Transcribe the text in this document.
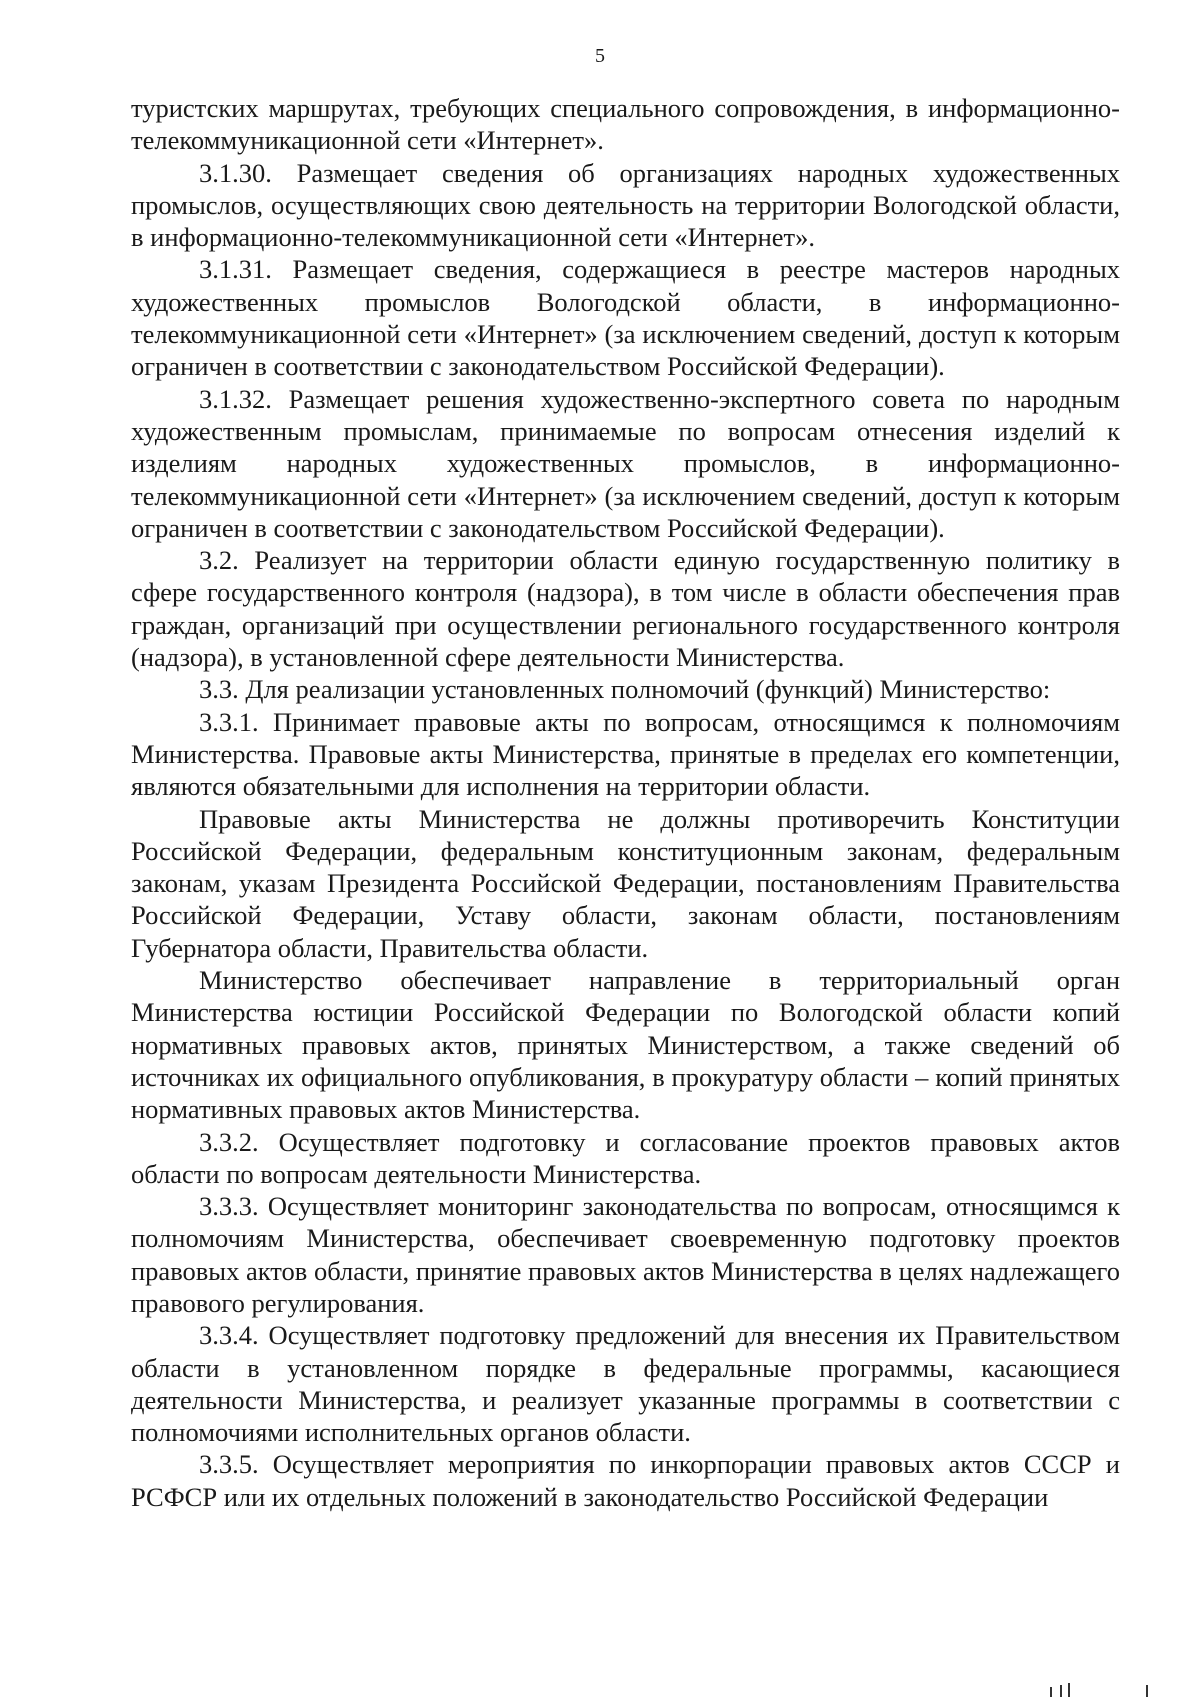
5

туристских маршрутах, требующих специального сопровождения, в информационно-телекоммуникационной сети «Интернет».

3.1.30. Размещает сведения об организациях народных художественных промыслов, осуществляющих свою деятельность на территории Вологодской области, в информационно-телекоммуникационной сети «Интернет».

3.1.31. Размещает сведения, содержащиеся в реестре мастеров народных художественных промыслов Вологодской области, в информационно-телекоммуникационной сети «Интернет» (за исключением сведений, доступ к которым ограничен в соответствии с законодательством Российской Федерации).

3.1.32. Размещает решения художественно-экспертного совета по народным художественным промыслам, принимаемые по вопросам отнесения изделий к изделиям народных художественных промыслов, в информационно-телекоммуникационной сети «Интернет» (за исключением сведений, доступ к которым ограничен в соответствии с законодательством Российской Федерации).

3.2. Реализует на территории области единую государственную политику в сфере государственного контроля (надзора), в том числе в области обеспечения прав граждан, организаций при осуществлении регионального государственного контроля (надзора), в установленной сфере деятельности Министерства.

3.3. Для реализации установленных полномочий (функций) Министерство:

3.3.1. Принимает правовые акты по вопросам, относящимся к полномочиям Министерства. Правовые акты Министерства, принятые в пределах его компетенции, являются обязательными для исполнения на территории области.

Правовые акты Министерства не должны противоречить Конституции Российской Федерации, федеральным конституционным законам, федеральным законам, указам Президента Российской Федерации, постановлениям Правительства Российской Федерации, Уставу области, законам области, постановлениям Губернатора области, Правительства области.

Министерство обеспечивает направление в территориальный орган Министерства юстиции Российской Федерации по Вологодской области копий нормативных правовых актов, принятых Министерством, а также сведений об источниках их официального опубликования, в прокуратуру области – копий принятых нормативных правовых актов Министерства.

3.3.2. Осуществляет подготовку и согласование проектов правовых актов области по вопросам деятельности Министерства.

3.3.3. Осуществляет мониторинг законодательства по вопросам, относящимся к полномочиям Министерства, обеспечивает своевременную подготовку проектов правовых актов области, принятие правовых актов Министерства в целях надлежащего правового регулирования.

3.3.4. Осуществляет подготовку предложений для внесения их Правительством области в установленном порядке в федеральные программы, касающиеся деятельности Министерства, и реализует указанные программы в соответствии с полномочиями исполнительных органов области.

3.3.5. Осуществляет мероприятия по инкорпорации правовых актов СССР и РСФСР или их отдельных положений в законодательство Российской Федерации
